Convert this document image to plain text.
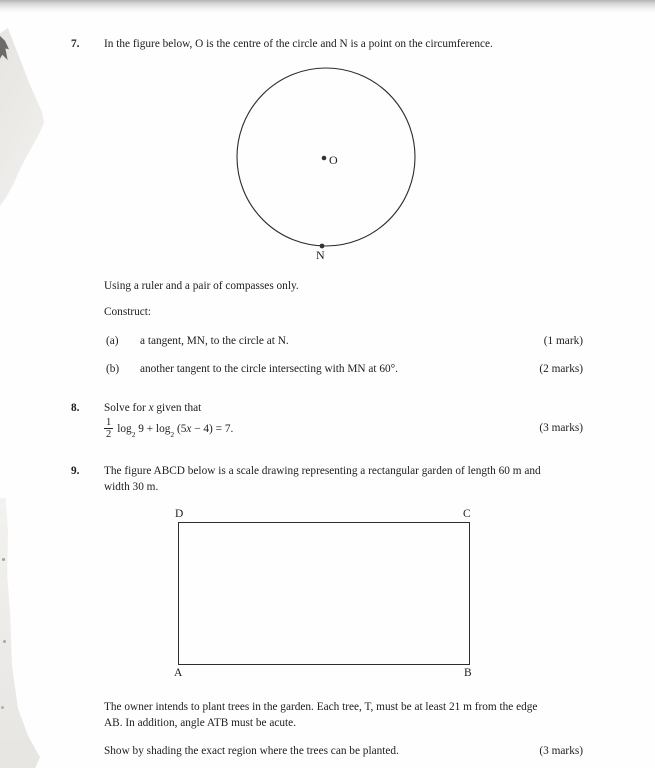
7. In the figure below, O is the centre of the circle and N is a point on the circumference.
O
N
Using a ruler and a pair of compasses only.
Construct:
(a) a tangent, MN, to the circle at N.	(1 mark)
(b) another tangent to the circle intersecting with MN at 60°.	(2 marks)
8. Solve for x given that
$\frac{1}{2} \log_2 9 + \log_2 (5x - 4) = 7$.	(3 marks)
9. The figure ABCD below is a scale drawing representing a rectangular garden of length 60 m and
width 30 m.
D	C
A	B
The owner intends to plant trees in the garden. Each tree, T, must be at least 21 m from the edge
AB. In addition, angle ATB must be acute.
Show by shading the exact region where the trees can be planted.	(3 marks)
